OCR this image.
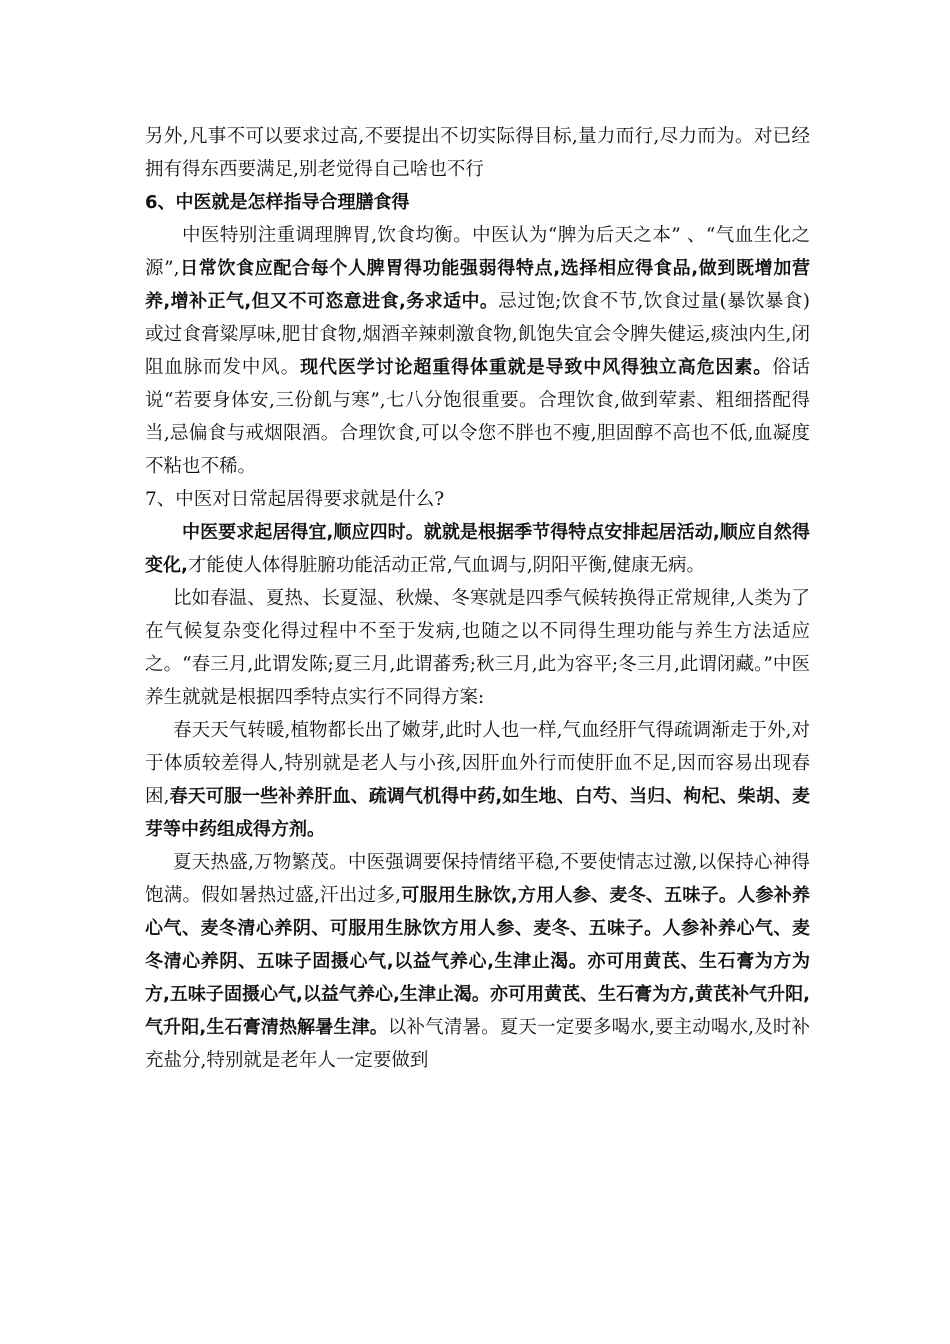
另外,凡事不可以要求过高,不要提出不切实际得目标,量力而行,尽力而为。对已经拥有得东西要满足,别老觉得自己啥也不行

6、中医就是怎样指导合理膳食得

中医特别注重调理脾胃,饮食均衡。中医认为“脾为后天之本” 、“气血生化之源”,日常饮食应配合每个人脾胃得功能强弱得特点,选择相应得食品,做到既增加营养,增补正气,但又不可恣意进食,务求适中。忌过饱;饮食不节,饮食过量(暴饮暴食)或过食膏粱厚味,肥甘食物,烟酒辛辣刺激食物,飢饱失宜会令脾失健运,痰浊内生,闭阻血脉而发中风。现代医学讨论超重得体重就是导致中风得独立高危因素。俗话说“若要身体安,三份飢与寒”,七八分饱很重要。合理饮食,做到荤素、粗细搭配得当,忌偏食与戒烟限酒。合理饮食,可以令您不胖也不瘦,胆固醇不高也不低,血凝度不粘也不稀。

7、中医对日常起居得要求就是什么?

中医要求起居得宜,顺应四时。就就是根据季节得特点安排起居活动,顺应自然得变化,才能使人体得脏腑功能活动正常,气血调与,阴阳平衡,健康无病。

比如春温、夏热、长夏湿、秋燥、冬寒就是四季气候转换得正常规律,人类为了在气候复杂变化得过程中不至于发病,也随之以不同得生理功能与养生方法适应之。“春三月,此谓发陈;夏三月,此谓蕃秀;秋三月,此为容平;冬三月,此谓闭藏。”中医养生就就是根据四季特点实行不同得方案:

春天天气转暖,植物都长出了嫩芽,此时人也一样,气血经肝气得疏调渐走于外,对于体质较差得人,特别就是老人与小孩,因肝血外行而使肝血不足,因而容易出现春困,春天可服一些补养肝血、疏调气机得中药,如生地、白芍、当归、枸杞、柴胡、麦芽等中药组成得方剂。

夏天热盛,万物繁茂。中医强调要保持情绪平稳,不要使情志过激,以保持心神得饱满。假如暑热过盛,汗出过多,可服用生脉饮,方用人参、麦冬、五味子。人参补养心气、麦冬清心养阴、可服用生脉饮方用人参、麦冬、五味子。人参补养心气、麦冬清心养阴、五味子固摄心气,以益气养心,生津止渴。亦可用黄芪、生石膏为方为方,五味子固摄心气,以益气养心,生津止渴。亦可用黄芪、生石膏为方,黄芪补气升阳,气升阳,生石膏清热解暑生津。以补气清暑。夏天一定要多喝水,要主动喝水,及时补充盐分,特别就是老年人一定要做到
